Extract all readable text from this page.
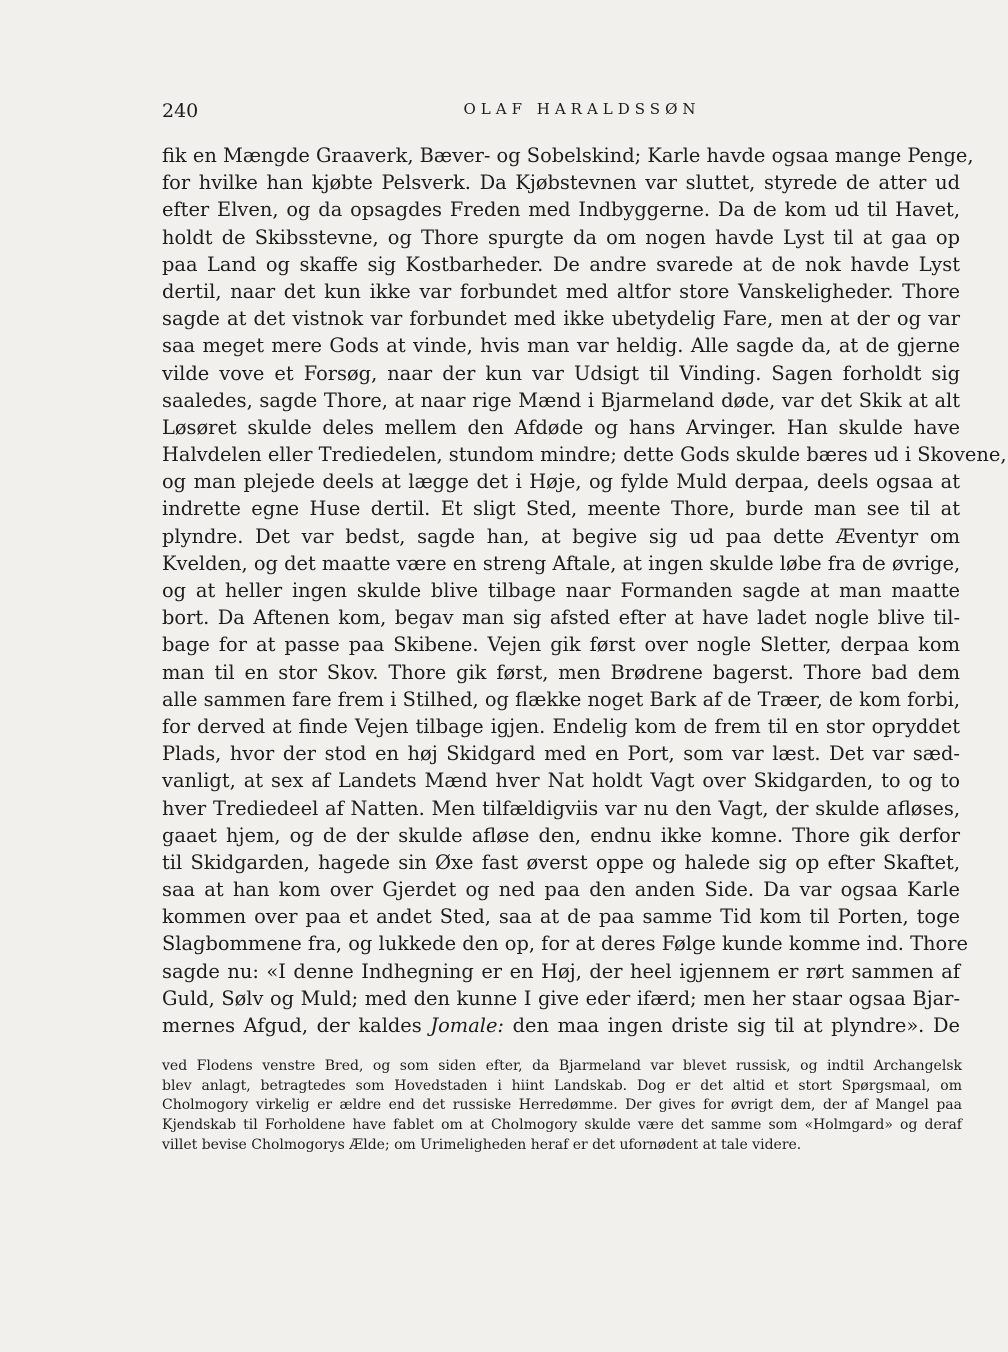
240	OLAF HARALDSSØN
fik en Mængde Graaverk, Bæver- og Sobelskind; Karle havde ogsaa mange Penge,
for hvilke han kjøbte Pelsverk. Da Kjøbstevnen var sluttet, styrede de atter ud
efter Elven, og da opsagdes Freden med Indbyggerne. Da de kom ud til Havet,
holdt de Skibsstevne, og Thore spurgte da om nogen havde Lyst til at gaa op
paa Land og skaffe sig Kostbarheder. De andre svarede at de nok havde Lyst
dertil, naar det kun ikke var forbundet med altfor store Vanskeligheder. Thore
sagde at det vistnok var forbundet med ikke ubetydelig Fare, men at der og var
saa meget mere Gods at vinde, hvis man var heldig. Alle sagde da, at de gjerne
vilde vove et Forsøg, naar der kun var Udsigt til Vinding. Sagen forholdt sig
saaledes, sagde Thore, at naar rige Mænd i Bjarmeland døde, var det Skik at alt
Løsøret skulde deles mellem den Afdøde og hans Arvinger. Han skulde have
Halvdelen eller Trediedelen, stundom mindre; dette Gods skulde bæres ud i Skovene,
og man plejede deels at lægge det i Høje, og fylde Muld derpaa, deels ogsaa at
indrette egne Huse dertil. Et sligt Sted, meente Thore, burde man see til at
plyndre. Det var bedst, sagde han, at begive sig ud paa dette Æventyr om
Kvelden, og det maatte være en streng Aftale, at ingen skulde løbe fra de øvrige,
og at heller ingen skulde blive tilbage naar Formanden sagde at man maatte
bort. Da Aftenen kom, begav man sig afsted efter at have ladet nogle blive til-
bage for at passe paa Skibene. Vejen gik først over nogle Sletter, derpaa kom
man til en stor Skov. Thore gik først, men Brødrene bagerst. Thore bad dem
alle sammen fare frem i Stilhed, og flække noget Bark af de Træer, de kom forbi,
for derved at finde Vejen tilbage igjen. Endelig kom de frem til en stor opryddet
Plads, hvor der stod en høj Skidgard med en Port, som var læst. Det var sæd-
vanligt, at sex af Landets Mænd hver Nat holdt Vagt over Skidgarden, to og to
hver Trediedeel af Natten. Men tilfældigviis var nu den Vagt, der skulde afløses,
gaaet hjem, og de der skulde afløse den, endnu ikke komne. Thore gik derfor
til Skidgarden, hagede sin Øxe fast øverst oppe og halede sig op efter Skaftet,
saa at han kom over Gjerdet og ned paa den anden Side. Da var ogsaa Karle
kommen over paa et andet Sted, saa at de paa samme Tid kom til Porten, toge
Slagbommene fra, og lukkede den op, for at deres Følge kunde komme ind. Thore
sagde nu: «I denne Indhegning er en Høj, der heel igjennem er rørt sammen af
Guld, Sølv og Muld; med den kunne I give eder ifærd; men her staar ogsaa Bjar-
mernes Afgud, der kaldes Jomale: den maa ingen driste sig til at plyndre». De
ved Flodens venstre Bred, og som siden efter, da Bjarmeland var blevet russisk, og indtil Archangelsk
blev anlagt, betragtedes som Hovedstaden i hiint Landskab. Dog er det altid et stort Spørgsmaal, om
Cholmogory virkelig er ældre end det russiske Herredømme. Der gives for øvrigt dem, der af Mangel paa
Kjendskab til Forholdene have fablet om at Cholmogory skulde være det samme som «Holmgard» og deraf
villet bevise Cholmogorys Ælde; om Urimeligheden heraf er det ufornødent at tale videre.
